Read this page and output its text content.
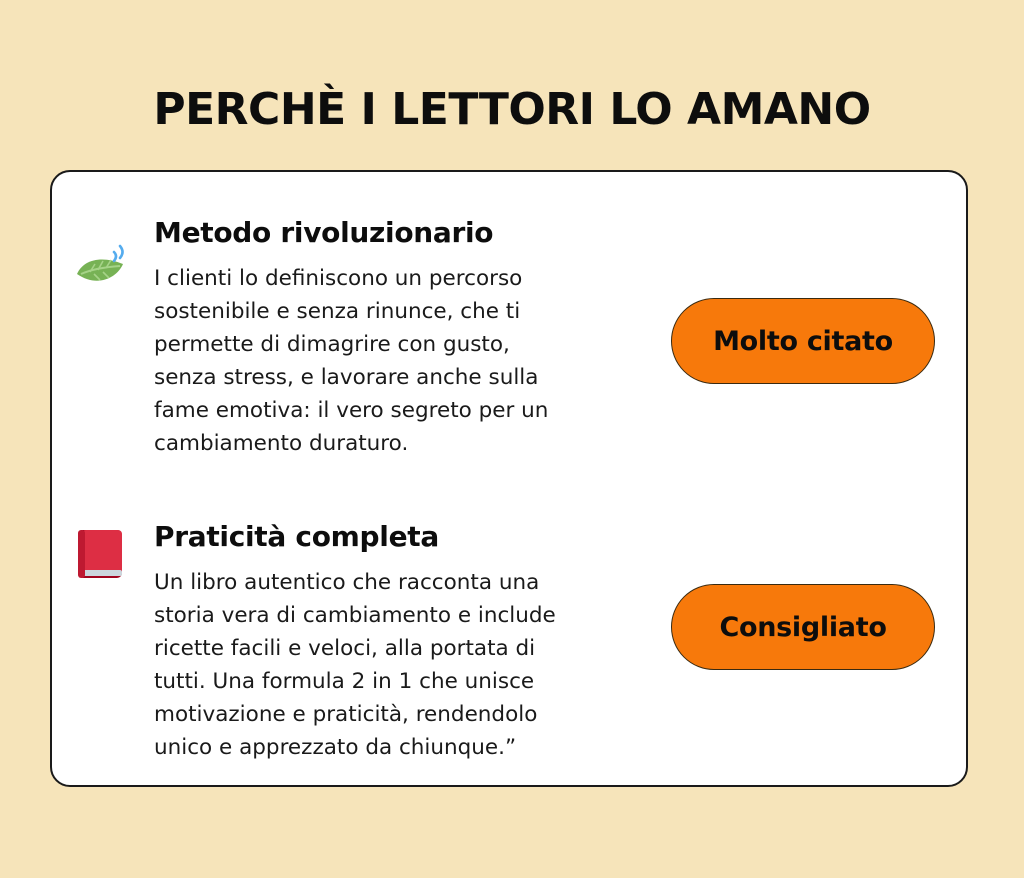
PERCHÈ I LETTORI LO AMANO
Metodo rivoluzionario

I clienti lo definiscono un percorso
sostenibile e senza rinunce, che ti
permette di dimagrire con gusto,
senza stress, e lavorare anche sulla
fame emotiva: il vero segreto per un
cambiamento duraturo.

Molto citato
Praticità completa

Un libro autentico che racconta una
storia vera di cambiamento e include
ricette facili e veloci, alla portata di
tutti. Una formula 2 in 1 che unisce
motivazione e praticità, rendendolo
unico e apprezzato da chiunque.”

Consigliato
